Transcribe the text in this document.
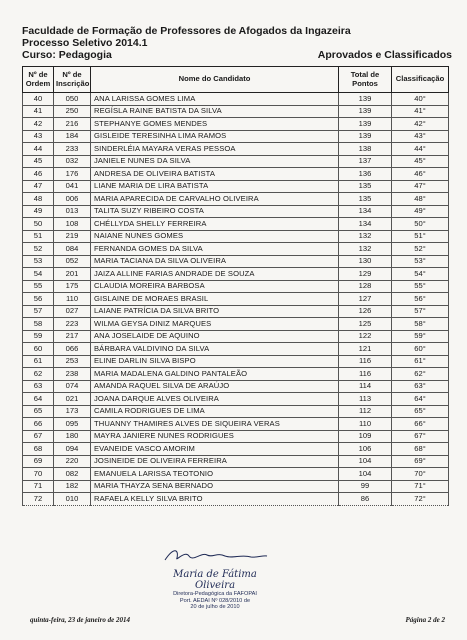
Faculdade de Formação de Professores de Afogados da Ingazeira
Processo Seletivo 2014.1
Curso: Pedagogia	Aprovados e Classificados
Nº de Ordem	Nº de Inscrição	Nome do Candidato	Total de Pontos	Classificação
40	050	ANA LARISSA GOMES LIMA	139	40°
41	250	REGÍSLA RAINE BATISTA DA SILVA	139	41°
42	216	STEPHANYE GOMES MENDES	139	42°
43	184	GISLEIDE TERESINHA LIMA RAMOS	139	43°
44	233	SINDERLÉIA MAYARA VERAS PESSOA	138	44°
45	032	JANIELE NUNES DA SILVA	137	45°
46	176	ANDRESA DE OLIVEIRA BATISTA	136	46°
47	041	LIANE MARIA DE LIRA BATISTA	135	47°
48	006	MARIA APARECIDA DE CARVALHO OLIVEIRA	135	48°
49	013	TALITA SUZY RIBEIRO COSTA	134	49°
50	108	CHÉLLYDA SHELLY FERREIRA	134	50°
51	219	NAIANE NUNES GOMES	132	51°
52	084	FERNANDA GOMES DA SILVA	132	52°
53	052	MARIA TACIANA DA SILVA OLIVEIRA	130	53°
54	201	JAIZA ALLINE FARIAS ANDRADE DE SOUZA	129	54°
55	175	CLAUDIA MOREIRA BARBOSA	128	55°
56	110	GISLAINE DE MORAES BRASIL	127	56°
57	027	LAIANE PATRÍCIA DA SILVA BRITO	126	57°
58	223	WILMA GEYSA DINIZ MARQUES	125	58°
59	217	ANA JOSELAIDE DE AQUINO	122	59°
60	066	BÁRBARA VALDIVINO DA SILVA	121	60°
61	253	ELINE DARLIN SILVA BISPO	116	61°
62	238	MARIA MADALENA GALDINO PANTALEÃO	116	62°
63	074	AMANDA RAQUEL SILVA DE ARAÚJO	114	63°
64	021	JOANA DARQUE ALVES OLIVEIRA	113	64°
65	173	CAMILA RODRIGUES DE LIMA	112	65°
66	095	THUANNY THAMIRES ALVES DE SIQUEIRA VERAS	110	66°
67	180	MAYRA JANIERE NUNES RODRIGUES	109	67°
68	094	EVANEIDE VASCO AMORIM	106	68°
69	220	JOSINEIDE DE OLIVEIRA FERREIRA	104	69°
70	082	EMANUELA LARISSA TEOTONIO	104	70°
71	182	MARIA THAYZA SENA BERNADO	99	71°
72	010	RAFAELA KELLY SILVA BRITO	86	72°
Maria de Fátima Oliveira
Diretora-Pedagógica da FAFOPAI
Port. AEDAI Nº 028/2010 de
20 de julho de 2010
quinta-feira, 23 de janeiro de 2014	Página 2 de 2
